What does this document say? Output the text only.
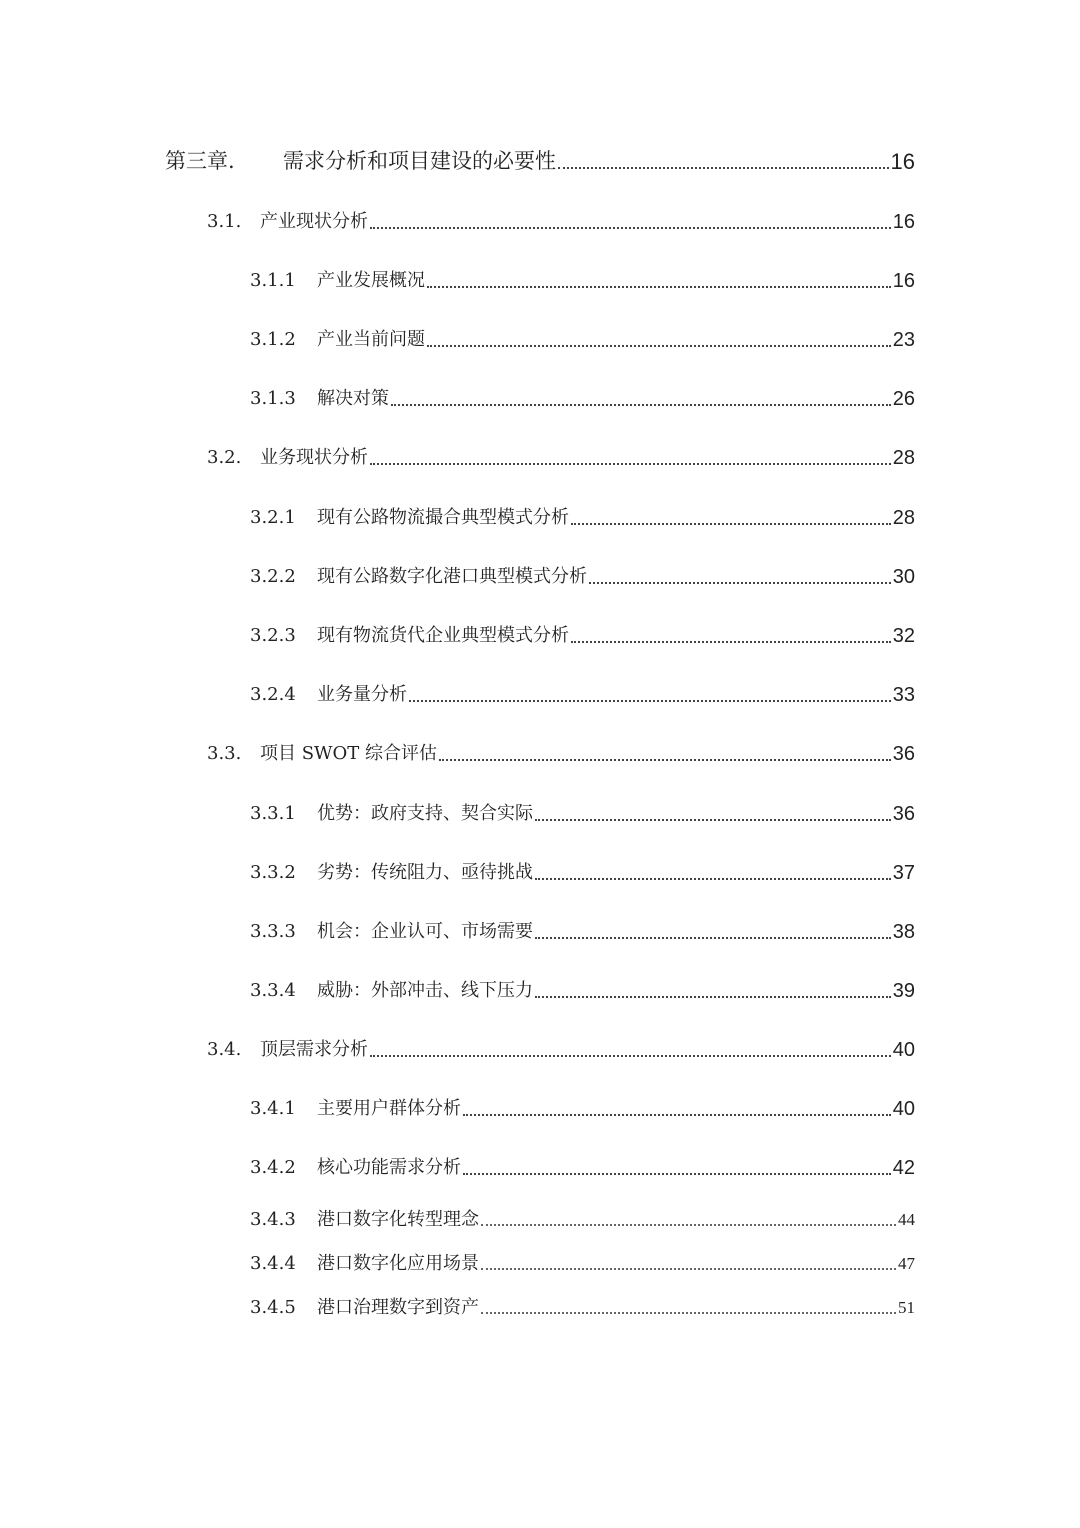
第三章.	需求分析和项目建设的必要性	16
3.1.	产业现状分析	16
3.1.1	产业发展概况	16
3.1.2	产业当前问题	23
3.1.3	解决对策	26
3.2.	业务现状分析	28
3.2.1	现有公路物流撮合典型模式分析	28
3.2.2	现有公路数字化港口典型模式分析	30
3.2.3	现有物流货代企业典型模式分析	32
3.2.4	业务量分析	33
3.3.	项目 SWOT 综合评估	36
3.3.1	优势：政府支持、契合实际	36
3.3.2	劣势：传统阻力、亟待挑战	37
3.3.3	机会：企业认可、市场需要	38
3.3.4	威胁：外部冲击、线下压力	39
3.4.	顶层需求分析	40
3.4.1	主要用户群体分析	40
3.4.2	核心功能需求分析	42
3.4.3	港口数字化转型理念	44
3.4.4	港口数字化应用场景	47
3.4.5	港口治理数字到资产	51
